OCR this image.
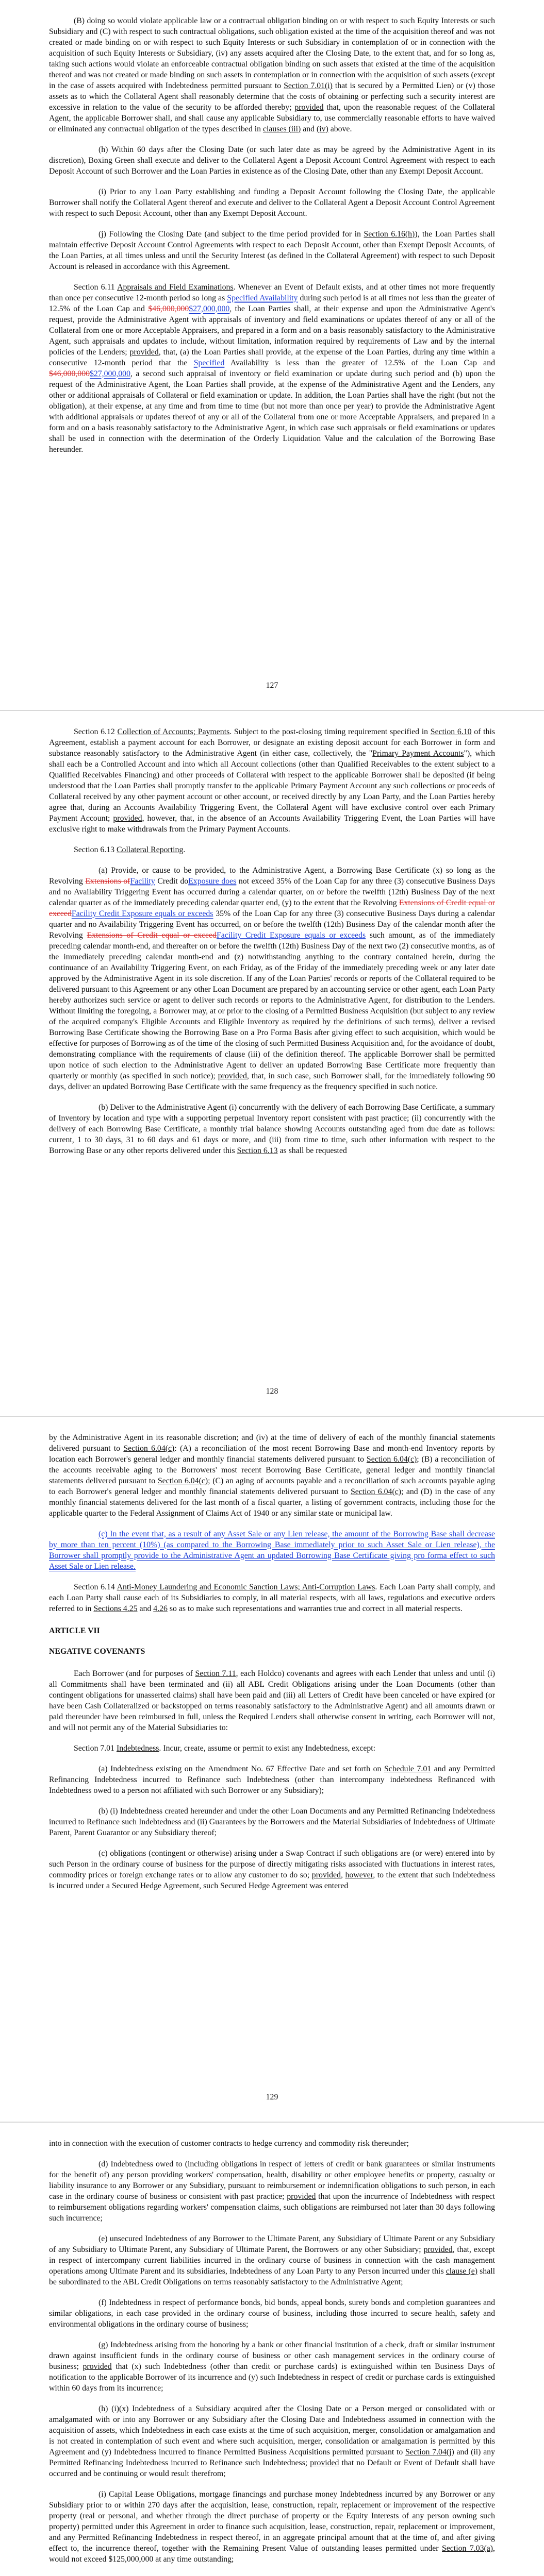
(B) doing so would violate applicable law or a contractual obligation binding on or with respect to such Equity Interests or such Subsidiary and (C) with respect to such contractual obligations, such obligation existed at the time of the acquisition thereof and was not created or made binding on or with respect to such Equity Interests or such Subsidiary in contemplation of or in connection with the acquisition of such Equity Interests or Subsidiary, (iv) any assets acquired after the Closing Date, to the extent that, and for so long as, taking such actions would violate an enforceable contractual obligation binding on such assets that existed at the time of the acquisition thereof and was not created or made binding on such assets in contemplation or in connection with the acquisition of such assets (except in the case of assets acquired with Indebtedness permitted pursuant to Section 7.01(i) that is secured by a Permitted Lien) or (v) those assets as to which the Collateral Agent shall reasonably determine that the costs of obtaining or perfecting such a security interest are excessive in relation to the value of the security to be afforded thereby; provided that, upon the reasonable request of the Collateral Agent, the applicable Borrower shall, and shall cause any applicable Subsidiary to, use commercially reasonable efforts to have waived or eliminated any contractual obligation of the types described in clauses (iii) and (iv) above.

(h) Within 60 days after the Closing Date (or such later date as may be agreed by the Administrative Agent in its discretion), Boxing Green shall execute and deliver to the Collateral Agent a Deposit Account Control Agreement with respect to each Deposit Account of such Borrower and the Loan Parties in existence as of the Closing Date, other than any Exempt Deposit Account.

(i) Prior to any Loan Party establishing and funding a Deposit Account following the Closing Date, the applicable Borrower shall notify the Collateral Agent thereof and execute and deliver to the Collateral Agent a Deposit Account Control Agreement with respect to such Deposit Account, other than any Exempt Deposit Account.

(j) Following the Closing Date (and subject to the time period provided for in Section 6.16(h)), the Loan Parties shall maintain effective Deposit Account Control Agreements with respect to each Deposit Account, other than Exempt Deposit Accounts, of the Loan Parties, at all times unless and until the Security Interest (as defined in the Collateral Agreement) with respect to such Deposit Account is released in accordance with this Agreement.

Section 6.11 Appraisals and Field Examinations. Whenever an Event of Default exists, and at other times not more frequently than once per consecutive 12-month period so long as Specified Availability during such period is at all times not less than the greater of 12.5% of the Loan Cap and $46,000,000$27,000,000, the Loan Parties shall, at their expense and upon the Administrative Agent's request, provide the Administrative Agent with appraisals of inventory and field examinations or updates thereof of any or all of the Collateral from one or more Acceptable Appraisers, and prepared in a form and on a basis reasonably satisfactory to the Administrative Agent, such appraisals and updates to include, without limitation, information required by requirements of Law and by the internal policies of the Lenders; provided, that, (a) the Loan Parties shall provide, at the expense of the Loan Parties, during any time within a consecutive 12-month period that the Specified Availability is less than the greater of 12.5% of the Loan Cap and $46,000,000$27,000,000, a second such appraisal of inventory or field examination or update during such period and (b) upon the request of the Administrative Agent, the Loan Parties shall provide, at the expense of the Administrative Agent and the Lenders, any other or additional appraisals of Collateral or field examination or update. In addition, the Loan Parties shall have the right (but not the obligation), at their expense, at any time and from time to time (but not more than once per year) to provide the Administrative Agent with additional appraisals or updates thereof of any or all of the Collateral from one or more Acceptable Appraisers, and prepared in a form and on a basis reasonably satisfactory to the Administrative Agent, in which case such appraisals or field examinations or updates shall be used in connection with the determination of the Orderly Liquidation Value and the calculation of the Borrowing Base hereunder.

127

Section 6.12 Collection of Accounts; Payments. Subject to the post-closing timing requirement specified in Section 6.10 of this Agreement, establish a payment account for each Borrower, or designate an existing deposit account for each Borrower in form and substance reasonably satisfactory to the Administrative Agent (in either case, collectively, the "Primary Payment Accounts"), which shall each be a Controlled Account and into which all Account collections (other than Qualified Receivables to the extent subject to a Qualified Receivables Financing) and other proceeds of Collateral with respect to the applicable Borrower shall be deposited (if being understood that the Loan Parties shall promptly transfer to the applicable Primary Payment Account any such collections or proceeds of Collateral received by any other payment account or other account, or received directly by any Loan Party, and the Loan Parties hereby agree that, during an Accounts Availability Triggering Event, the Collateral Agent will have exclusive control over each Primary Payment Account; provided, however, that, in the absence of an Accounts Availability Triggering Event, the Loan Parties will have exclusive right to make withdrawals from the Primary Payment Accounts.

Section 6.13 Collateral Reporting.

(a) Provide, or cause to be provided, to the Administrative Agent, a Borrowing Base Certificate (x) so long as the Revolving Extensions ofFacility Credit doExposure does not exceed 35% of the Loan Cap for any three (3) consecutive Business Days and no Availability Triggering Event has occurred during a calendar quarter, on or before the twelfth (12th) Business Day of the next calendar quarter as of the immediately preceding calendar quarter end, (y) to the extent that the Revolving Extensions of Credit equal or exceedFacility Credit Exposure equals or exceeds 35% of the Loan Cap for any three (3) consecutive Business Days during a calendar quarter and no Availability Triggering Event has occurred, on or before the twelfth (12th) Business Day of the calendar month after the Revolving Extensions of Credit equal or exceedFacility Credit Exposure equals or exceeds such amount, as of the immediately preceding calendar month-end, and thereafter on or before the twelfth (12th) Business Day of the next two (2) consecutive months, as of the immediately preceding calendar month-end and (z) notwithstanding anything to the contrary contained herein, during the continuance of an Availability Triggering Event, on each Friday, as of the Friday of the immediately preceding week or any later date approved by the Administrative Agent in its sole discretion. If any of the Loan Parties' records or reports of the Collateral required to be delivered pursuant to this Agreement or any other Loan Document are prepared by an accounting service or other agent, each Loan Party hereby authorizes such service or agent to deliver such records or reports to the Administrative Agent, for distribution to the Lenders. Without limiting the foregoing, a Borrower may, at or prior to the closing of a Permitted Business Acquisition (but subject to any review of the acquired company's Eligible Accounts and Eligible Inventory as required by the definitions of such terms), deliver a revised Borrowing Base Certificate showing the Borrowing Base on a Pro Forma Basis after giving effect to such acquisition, which would be effective for purposes of Borrowing as of the time of the closing of such Permitted Business Acquisition and, for the avoidance of doubt, demonstrating compliance with the requirements of clause (iii) of the definition thereof. The applicable Borrower shall be permitted upon notice of such election to the Administrative Agent to deliver an updated Borrowing Base Certificate more frequently than quarterly or monthly (as specified in such notice); provided, that, in such case, such Borrower shall, for the immediately following 90 days, deliver an updated Borrowing Base Certificate with the same frequency as the frequency specified in such notice.

(b) Deliver to the Administrative Agent (i) concurrently with the delivery of each Borrowing Base Certificate, a summary of Inventory by location and type with a supporting perpetual Inventory report consistent with past practice; (ii) concurrently with the delivery of each Borrowing Base Certificate, a monthly trial balance showing Accounts outstanding aged from due date as follows: current, 1 to 30 days, 31 to 60 days and 61 days or more, and (iii) from time to time, such other information with respect to the Borrowing Base or any other reports delivered under this Section 6.13 as shall be requested

128

by the Administrative Agent in its reasonable discretion; and (iv) at the time of delivery of each of the monthly financial statements delivered pursuant to Section 6.04(c): (A) a reconciliation of the most recent Borrowing Base and month-end Inventory reports by location each Borrower's general ledger and monthly financial statements delivered pursuant to Section 6.04(c); (B) a reconciliation of the accounts receivable aging to the Borrowers' most recent Borrowing Base Certificate, general ledger and monthly financial statements delivered pursuant to Section 6.04(c); (C) an aging of accounts payable and a reconciliation of such accounts payable aging to each Borrower's general ledger and monthly financial statements delivered pursuant to Section 6.04(c); and (D) in the case of any monthly financial statements delivered for the last month of a fiscal quarter, a listing of government contracts, including those for the applicable quarter to the Federal Assignment of Claims Act of 1940 or any similar state or municipal law.

(c) In the event that, as a result of any Asset Sale or any Lien release, the amount of the Borrowing Base shall decrease by more than ten percent (10%) (as compared to the Borrowing Base immediately prior to such Asset Sale or Lien release), the Borrower shall promptly provide to the Administrative Agent an updated Borrowing Base Certificate giving pro forma effect to such Asset Sale or Lien release.

Section 6.14 Anti-Money Laundering and Economic Sanction Laws; Anti-Corruption Laws. Each Loan Party shall comply, and each Loan Party shall cause each of its Subsidiaries to comply, in all material respects, with all laws, regulations and executive orders referred to in Sections 4.25 and 4.26 so as to make such representations and warranties true and correct in all material respects.

ARTICLE VII

NEGATIVE COVENANTS

Each Borrower (and for purposes of Section 7.11, each Holdco) covenants and agrees with each Lender that unless and until (i) all Commitments shall have been terminated and (ii) all ABL Credit Obligations arising under the Loan Documents (other than contingent obligations for unasserted claims) shall have been paid and (iii) all Letters of Credit have been canceled or have expired (or have been Cash Collateralized or backstopped on terms reasonably satisfactory to the Administrative Agent) and all amounts drawn or paid thereunder have been reimbursed in full, unless the Required Lenders shall otherwise consent in writing, each Borrower will not, and will not permit any of the Material Subsidiaries to:

Section 7.01 Indebtedness. Incur, create, assume or permit to exist any Indebtedness, except:

(a) Indebtedness existing on the Amendment No. 67 Effective Date and set forth on Schedule 7.01 and any Permitted Refinancing Indebtedness incurred to Refinance such Indebtedness (other than intercompany indebtedness Refinanced with Indebtedness owed to a person not affiliated with such Borrower or any Subsidiary);

(b) (i) Indebtedness created hereunder and under the other Loan Documents and any Permitted Refinancing Indebtedness incurred to Refinance such Indebtedness and (ii) Guarantees by the Borrowers and the Material Subsidiaries of Indebtedness of Ultimate Parent, Parent Guarantor or any Subsidiary thereof;

(c) obligations (contingent or otherwise) arising under a Swap Contract if such obligations are (or were) entered into by such Person in the ordinary course of business for the purpose of directly mitigating risks associated with fluctuations in interest rates, commodity prices or foreign exchange rates or to allow any customer to do so; provided, however, to the extent that such Indebtedness is incurred under a Secured Hedge Agreement, such Secured Hedge Agreement was entered

129

into in connection with the execution of customer contracts to hedge currency and commodity risk thereunder;

(d) Indebtedness owed to (including obligations in respect of letters of credit or bank guarantees or similar instruments for the benefit of) any person providing workers' compensation, health, disability or other employee benefits or property, casualty or liability insurance to any Borrower or any Subsidiary, pursuant to reimbursement or indemnification obligations to such person, in each case in the ordinary course of business or consistent with past practice; provided that upon the incurrence of Indebtedness with respect to reimbursement obligations regarding workers' compensation claims, such obligations are reimbursed not later than 30 days following such incurrence;

(e) unsecured Indebtedness of any Borrower to the Ultimate Parent, any Subsidiary of Ultimate Parent or any Subsidiary of any Subsidiary to Ultimate Parent, any Subsidiary of Ultimate Parent, the Borrowers or any other Subsidiary; provided, that, except in respect of intercompany current liabilities incurred in the ordinary course of business in connection with the cash management operations among Ultimate Parent and its subsidiaries, Indebtedness of any Loan Party to any Person incurred under this clause (e) shall be subordinated to the ABL Credit Obligations on terms reasonably satisfactory to the Administrative Agent;

(f) Indebtedness in respect of performance bonds, bid bonds, appeal bonds, surety bonds and completion guarantees and similar obligations, in each case provided in the ordinary course of business, including those incurred to secure health, safety and environmental obligations in the ordinary course of business;

(g) Indebtedness arising from the honoring by a bank or other financial institution of a check, draft or similar instrument drawn against insufficient funds in the ordinary course of business or other cash management services in the ordinary course of business; provided that (x) such Indebtedness (other than credit or purchase cards) is extinguished within ten Business Days of notification to the applicable Borrower of its incurrence and (y) such Indebtedness in respect of credit or purchase cards is extinguished within 60 days from its incurrence;

(h) (i)(x) Indebtedness of a Subsidiary acquired after the Closing Date or a Person merged or consolidated with or amalgamated with or into any Borrower or any Subsidiary after the Closing Date and Indebtedness assumed in connection with the acquisition of assets, which Indebtedness in each case exists at the time of such acquisition, merger, consolidation or amalgamation and is not created in contemplation of such event and where such acquisition, merger, consolidation or amalgamation is permitted by this Agreement and (y) Indebtedness incurred to finance Permitted Business Acquisitions permitted pursuant to Section 7.04(j) and (ii) any Permitted Refinancing Indebtedness incurred to Refinance such Indebtedness; provided that no Default or Event of Default shall have occurred and be continuing or would result therefrom;

(i) Capital Lease Obligations, mortgage financings and purchase money Indebtedness incurred by any Borrower or any Subsidiary prior to or within 270 days after the acquisition, lease, construction, repair, replacement or improvement of the respective property (real or personal, and whether through the direct purchase of property or the Equity Interests of any person owning such property) permitted under this Agreement in order to finance such acquisition, lease, construction, repair, replacement or improvement, and any Permitted Refinancing Indebtedness in respect thereof, in an aggregate principal amount that at the time of, and after giving effect to, the incurrence thereof, together with the Remaining Present Value of outstanding leases permitted under Section 7.03(a), would not exceed $125,000,000 at any time outstanding;
